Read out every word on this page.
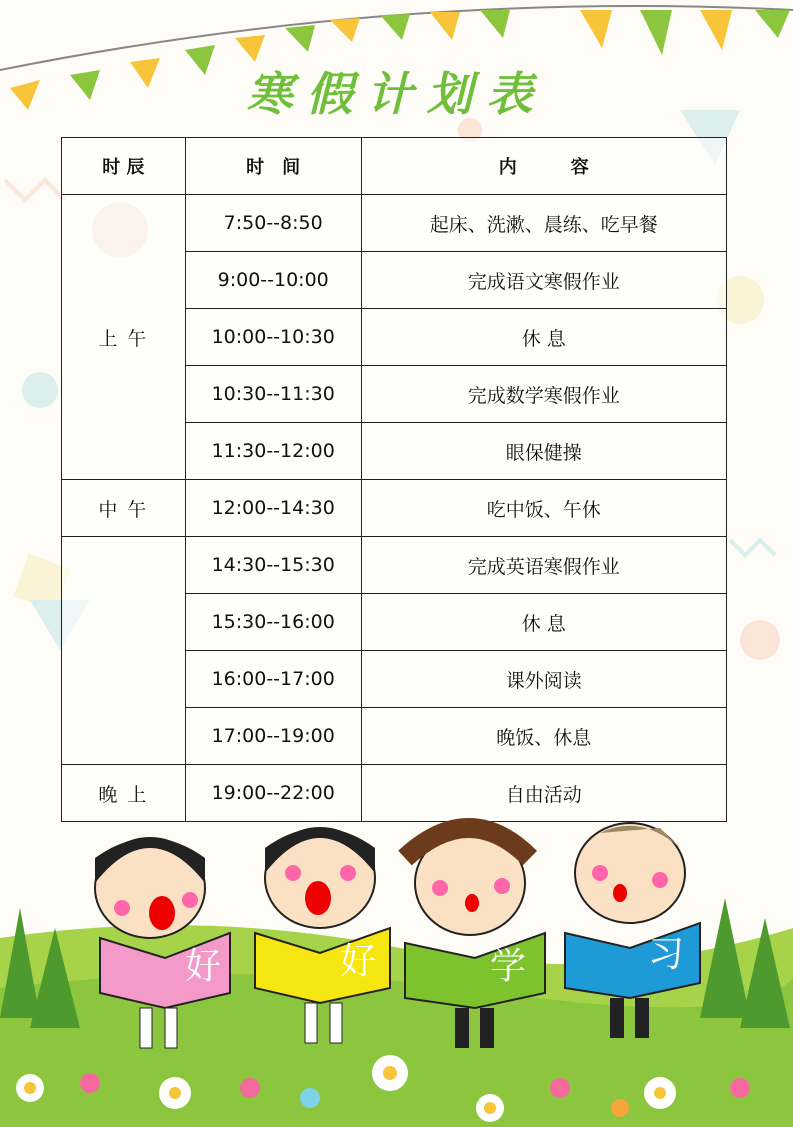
寒假计划表
时 辰	时　间	内　　　容
上 午	7:50--8:50	起床、洗漱、晨练、吃早餐
	9:00--10:00	完成语文寒假作业
	10:00--10:30	休 息
	10:30--11:30	完成数学寒假作业
	11:30--12:00	眼保健操
中 午	12:00--14:30	吃中饭、午休
	14:30--15:30	完成英语寒假作业
	15:30--16:00	休 息
	16:00--17:00	课外阅读
	17:00--19:00	晚饭、休息
晚 上	19:00--22:00	自由活动
好	好	学	习
